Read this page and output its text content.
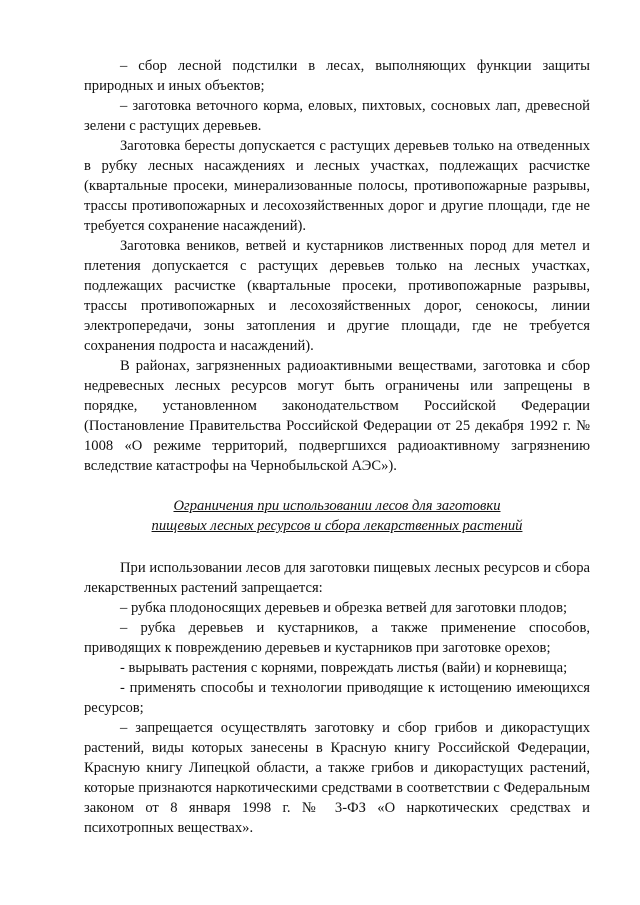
– сбор лесной подстилки в лесах, выполняющих функции защиты природных и иных объектов;

– заготовка веточного корма, еловых, пихтовых, сосновых лап, древесной зелени с растущих деревьев.

Заготовка бересты допускается с растущих деревьев только на отведенных в рубку лесных насаждениях и лесных участках, подлежащих расчистке (квартальные просеки, минерализованные полосы, противопожарные разрывы, трассы противопожарных и лесохозяйственных дорог и другие площади, где не требуется сохранение насаждений).

Заготовка веников, ветвей и кустарников лиственных пород для метел и плетения допускается с растущих деревьев только на лесных участках, подлежащих расчистке (квартальные просеки, противопожарные разрывы, трассы противопожарных и лесохозяйственных дорог, сенокосы, линии электропередачи, зоны затопления и другие площади, где не требуется сохранения подроста и насаждений).

В районах, загрязненных радиоактивными веществами, заготовка и сбор недревесных лесных ресурсов могут быть ограничены или запрещены в порядке, установленном законодательством Российской Федерации (Постановление Правительства Российской Федерации от 25 декабря 1992 г. № 1008 «О режиме территорий, подвергшихся радиоактивному загрязнению вследствие катастрофы на Чернобыльской АЭС»).

Ограничения при использовании лесов для заготовки
пищевых лесных ресурсов и сбора лекарственных растений

При использовании лесов для заготовки пищевых лесных ресурсов и сбора лекарственных растений запрещается:

– рубка плодоносящих деревьев и обрезка ветвей для заготовки плодов;

– рубка деревьев и кустарников, а также применение способов, приводящих к повреждению деревьев и кустарников при заготовке орехов;

- вырывать растения с корнями, повреждать листья (вайи) и корневища;

- применять способы и технологии приводящие к истощению имеющихся ресурсов;

– запрещается осуществлять заготовку и сбор грибов и дикорастущих растений, виды которых занесены в Красную книгу Российской Федерации, Красную книгу Липецкой области, а также грибов и дикорастущих растений, которые признаются наркотическими средствами в соответствии с Федеральным законом от 8 января 1998 г. № 3-ФЗ «О наркотических средствах и психотропных веществах».
